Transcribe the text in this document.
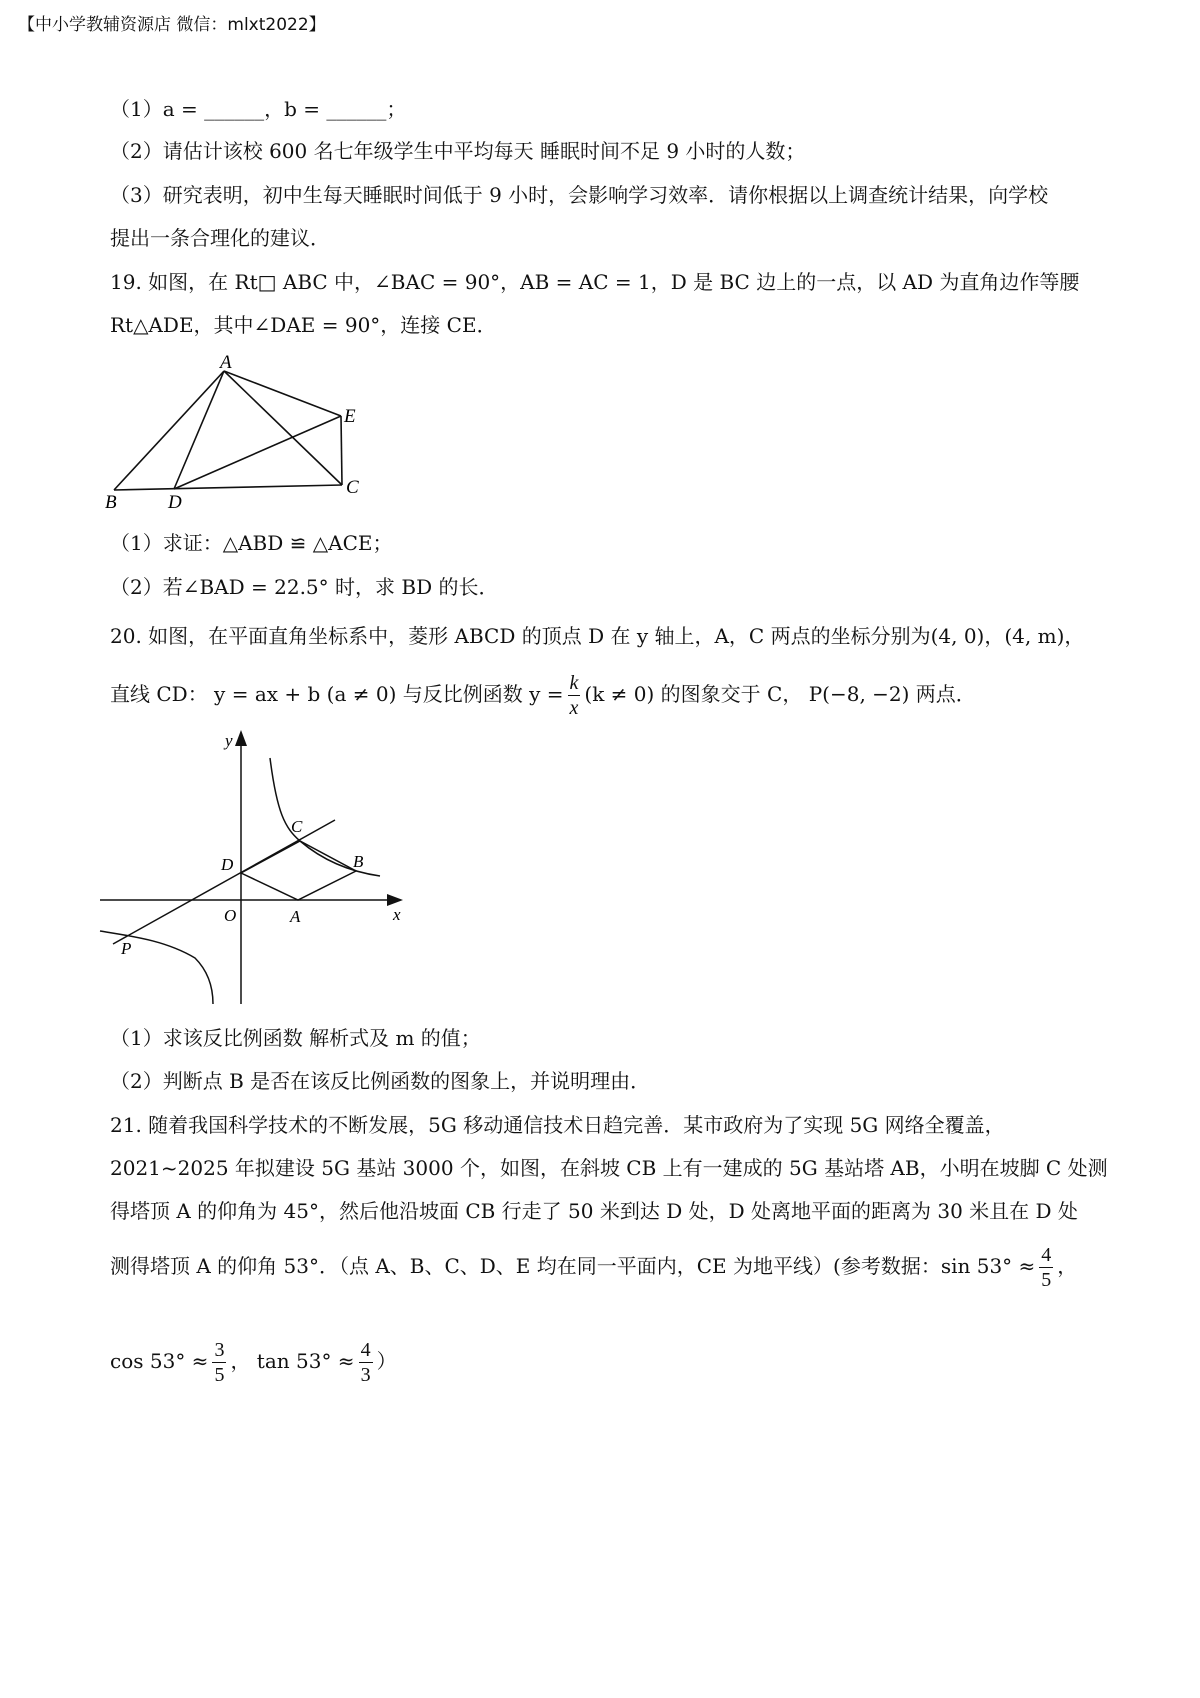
【中小学教辅资源店 微信：mlxt2022】
（1）a = ______，b = ______；
（2）请估计该校 600 名七年级学生中平均每天 睡眠时间不足 9 小时的人数；
（3）研究表明，初中生每天睡眠时间低于 9 小时，会影响学习效率．请你根据以上调查统计结果，向学校
提出一条合理化的建议．
19. 如图，在 Rt□ ABC 中，∠BAC = 90°，AB = AC = 1，D 是 BC 边上的一点，以 AD 为直角边作等腰
Rt△ADE，其中∠DAE = 90°，连接 CE．
A
B	D
E
C
（1）求证：△ABD ≌ △ACE；
（2）若∠BAD = 22.5° 时，求 BD 的长．
20. 如图，在平面直角坐标系中，菱形 ABCD 的顶点 D 在 y 轴上，A，C 两点的坐标分别为(4, 0)，(4, m)，
直线 CD： y = ax + b (a ≠ 0) 与反比例函数 $y = \frac{k}{x} (k \ne 0)$ 的图象交于 C， P(−8, −2) 两点．
y
x
O	A
D
C
B
P
（1）求该反比例函数 解析式及 m 的值；
（2）判断点 B 是否在该反比例函数的图象上，并说明理由．
21. 随着我国科学技术的不断发展，5G 移动通信技术日趋完善．某市政府为了实现 5G 网络全覆盖，
2021~2025 年拟建设 5G 基站 3000 个，如图，在斜坡 CB 上有一建成的 5G 基站塔 AB，小明在坡脚 C 处测
得塔顶 A 的仰角为 45°，然后他沿坡面 CB 行走了 50 米到达 D 处，D 处离地平面的距离为 30 米且在 D 处
测得塔顶 A 的仰角 53°．（点 A、B、C、D、E 均在同一平面内，CE 为地平线）(参考数据：$\sin 53^\circ \approx \frac{4}{5}$ ，
$\cos 53^\circ \approx \frac{3}{5}$ ， $\tan 53^\circ \approx \frac{4}{3}$ ）
